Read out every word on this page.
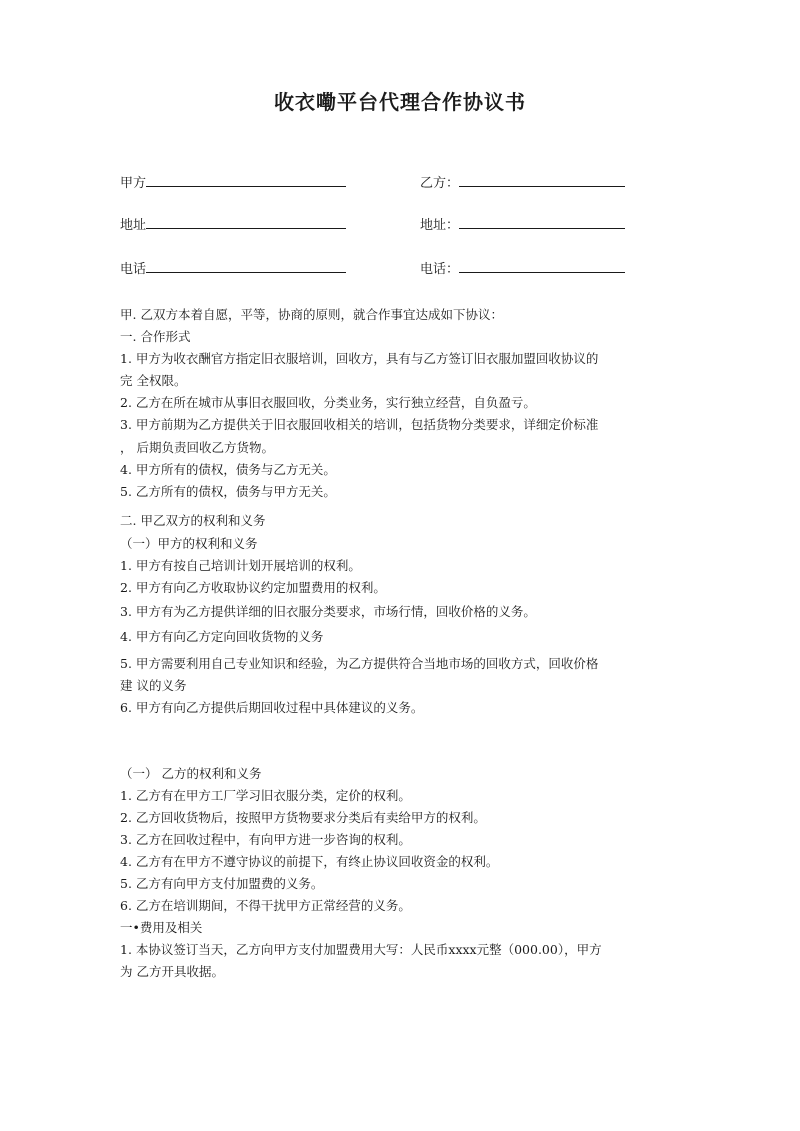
收衣嘞平台代理合作协议书
甲方	乙方：
地址	地址：
电话	电话：
甲. 乙双方本着自愿，平等，协商的原则，就合作事宜达成如下协议：
一. 合作形式
1. 甲方为收衣酬官方指定旧衣服培训，回收方，具有与乙方签订旧衣服加盟回收协议的
完 全权限。
2. 乙方在所在城市从事旧衣服回收，分类业务，实行独立经营，自负盈亏。
3. 甲方前期为乙方提供关于旧衣服回收相关的培训，包括货物分类要求，详细定价标准
， 后期负责回收乙方货物。
4. 甲方所有的债权，债务与乙方无关。
5. 乙方所有的债权，债务与甲方无关。
二. 甲乙双方的权利和义务
（一）甲方的权利和义务
1. 甲方有按自己培训计划开展培训的权利。
2. 甲方有向乙方收取协议约定加盟费用的权利。
3. 甲方有为乙方提供详细的旧衣服分类要求，市场行情，回收价格的义务。
4. 甲方有向乙方定向回收货物的义务
5. 甲方需要利用自己专业知识和经验，为乙方提供符合当地市场的回收方式，回收价格
建 议的义务
6. 甲方有向乙方提供后期回收过程中具体建议的义务。
（一） 乙方的权利和义务
1. 乙方有在甲方工厂学习旧衣服分类，定价的权利。
2. 乙方回收货物后，按照甲方货物要求分类后有卖给甲方的权利。
3. 乙方在回收过程中，有向甲方进一步咨询的权利。
4. 乙方有在甲方不遵守协议的前提下，有终止协议回收资金的权利。
5. 乙方有向甲方支付加盟费的义务。
6. 乙方在培训期间，不得干扰甲方正常经营的义务。
一•费用及相关
1. 本协议签订当天，乙方向甲方支付加盟费用大写：人民币xxxx元整（000.00），甲方
为 乙方开具收据。
